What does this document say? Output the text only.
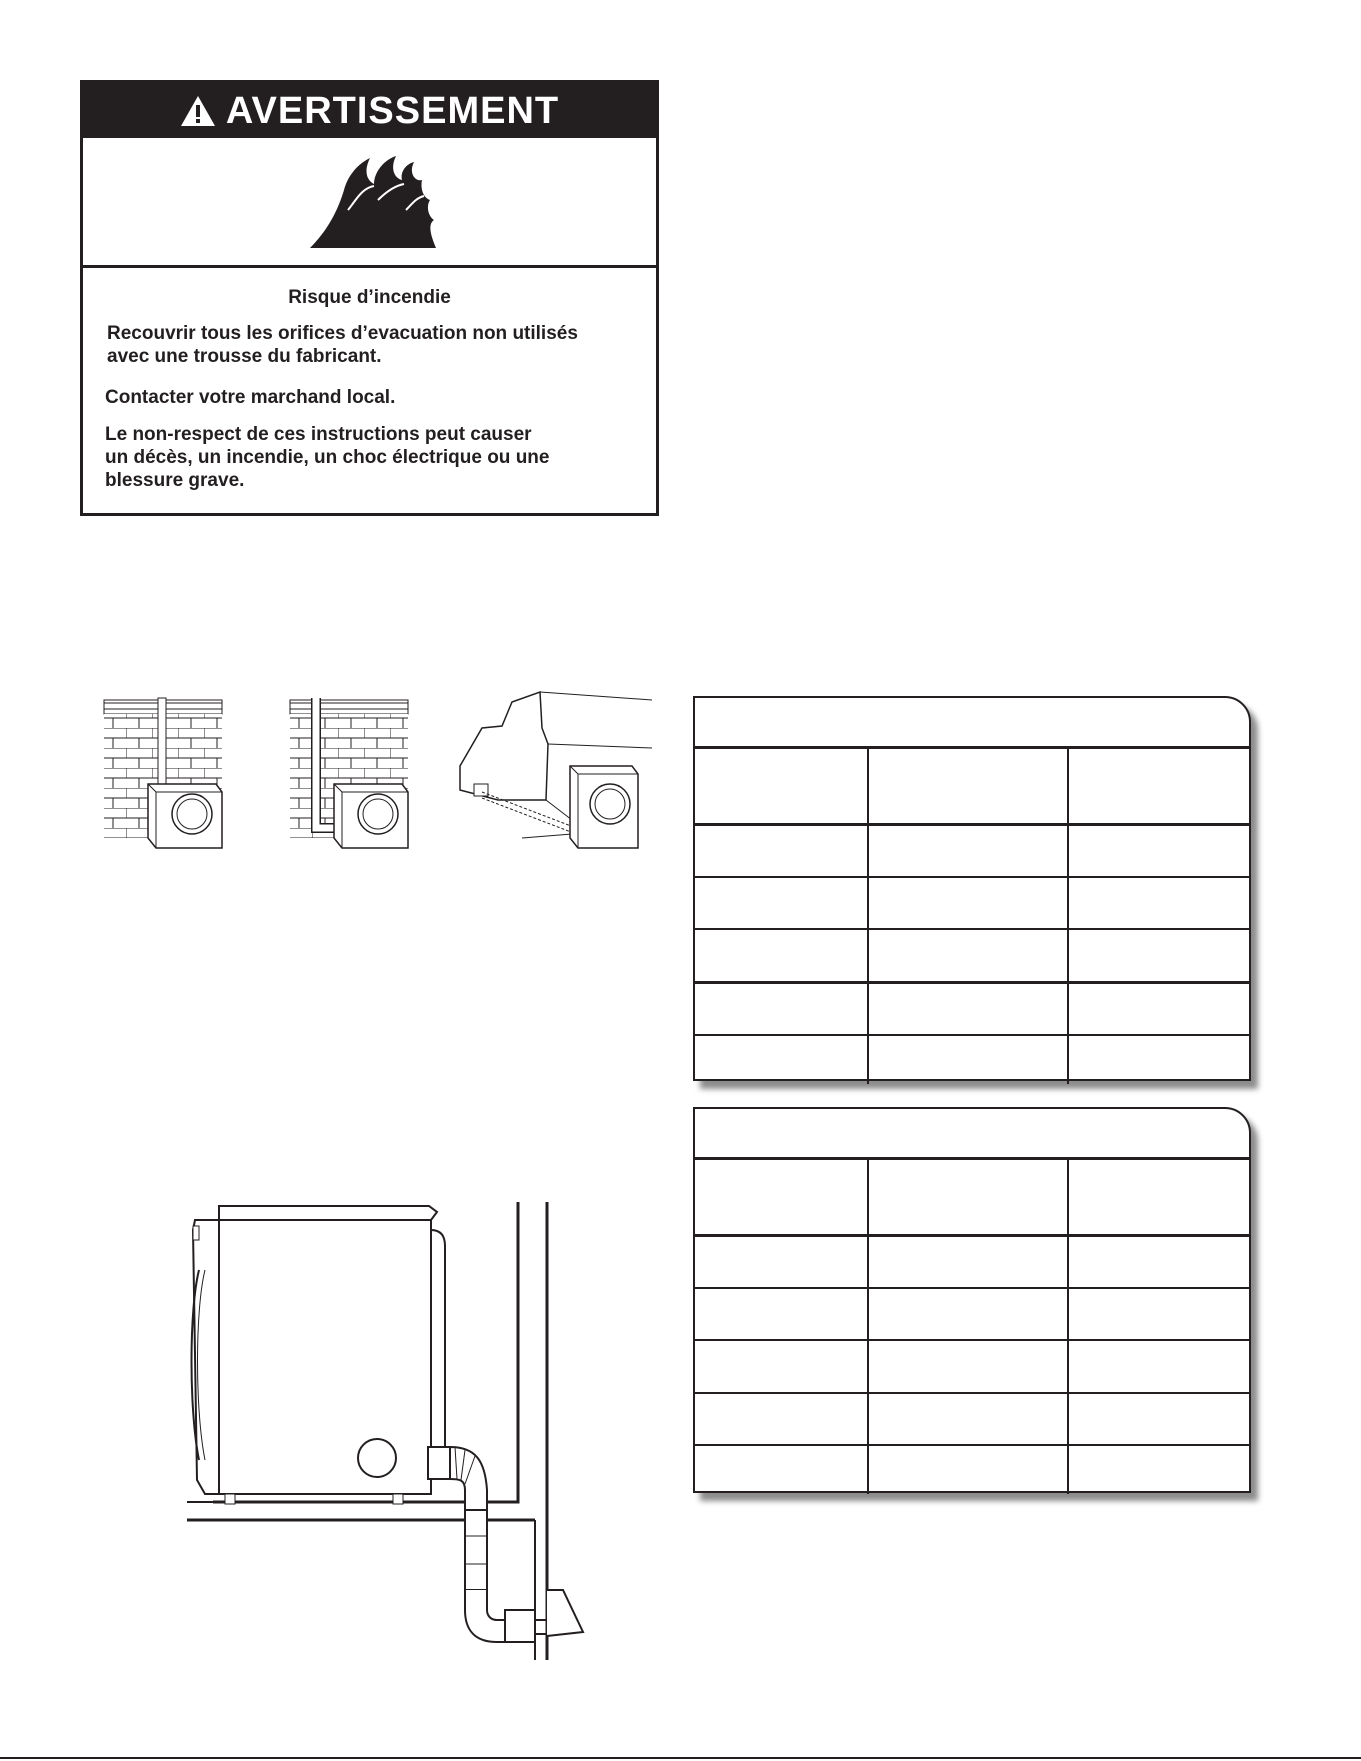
AVERTISSEMENT
Risque d’incendie
Recouvrir tous les orifices d’evacuation non utilisés
avec une trousse du fabricant.
Contacter votre marchand local.
Le non-respect de ces instructions peut causer
un décès, un incendie, un choc électrique ou une
blessure grave.
